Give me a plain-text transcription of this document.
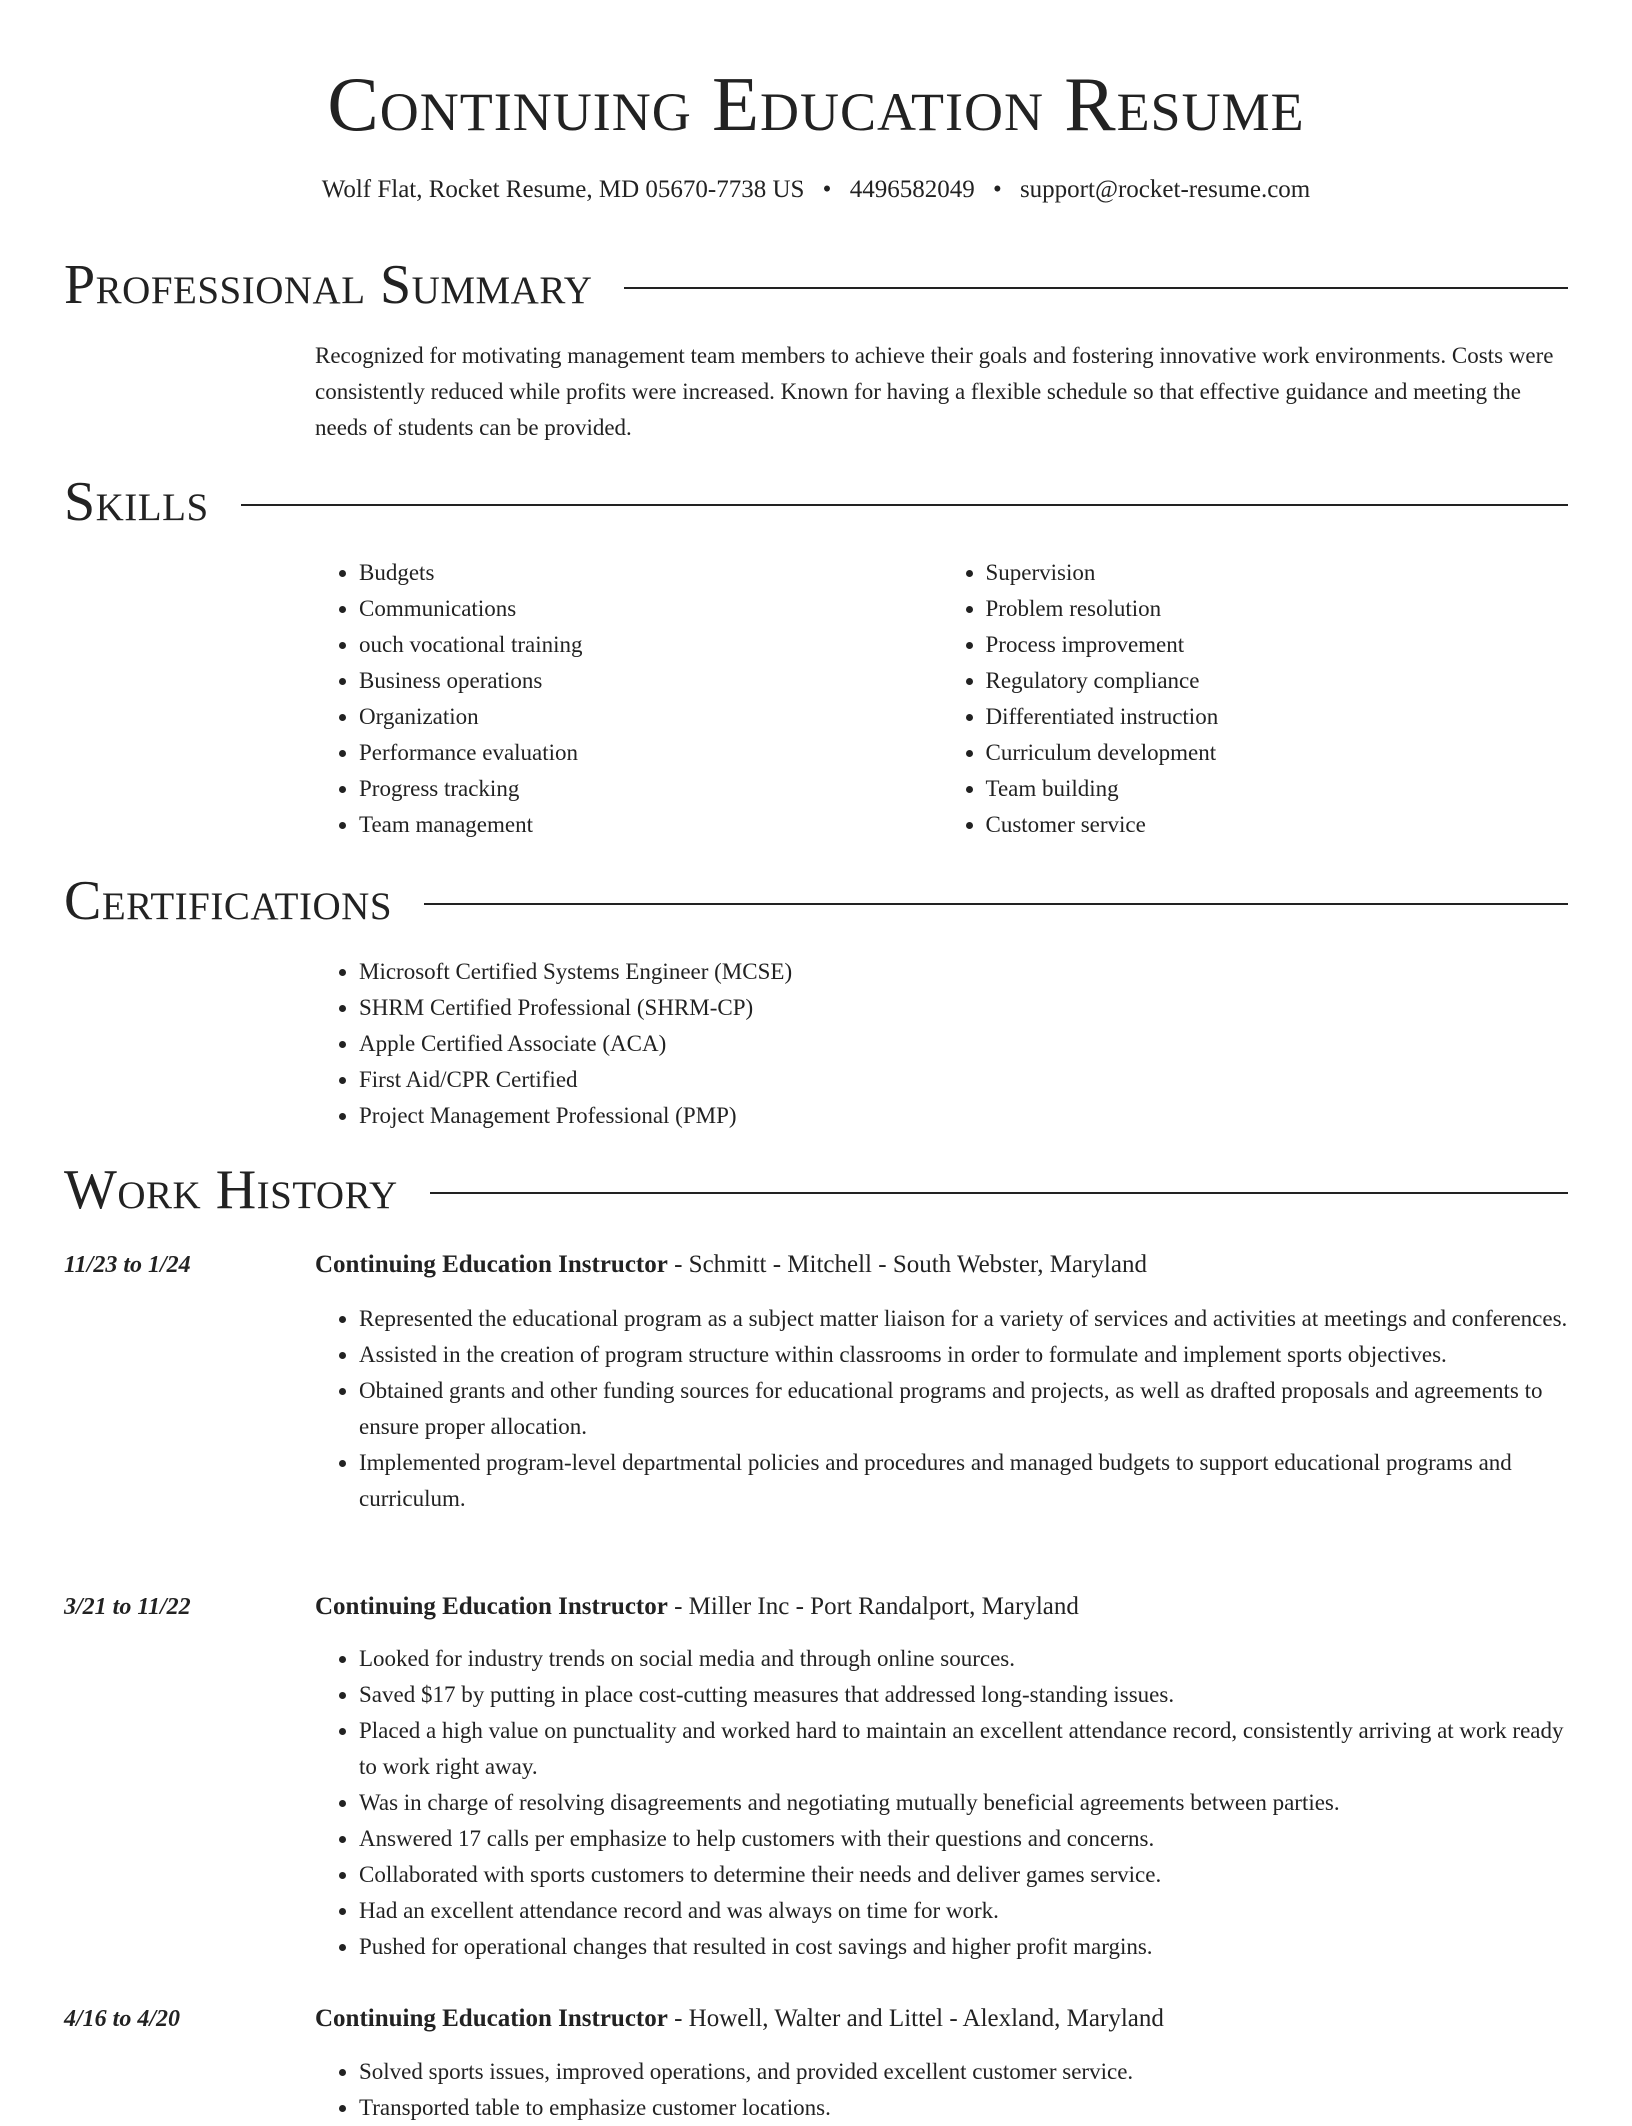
Continuing Education Resume
Wolf Flat, Rocket Resume, MD 05670-7738 US • 4496582049 • support@rocket-resume.com
Professional Summary

Recognized for motivating management team members to achieve their goals and fostering innovative work environments. Costs were consistently reduced while profits were increased. Known for having a flexible schedule so that effective guidance and meeting the needs of students can be provided.

Skills
• Budgets
• Communications
• ouch vocational training
• Business operations
• Organization
• Performance evaluation
• Progress tracking
• Team management
• Supervision
• Problem resolution
• Process improvement
• Regulatory compliance
• Differentiated instruction
• Curriculum development
• Team building
• Customer service
Certifications
• Microsoft Certified Systems Engineer (MCSE)
• SHRM Certified Professional (SHRM-CP)
• Apple Certified Associate (ACA)
• First Aid/CPR Certified
• Project Management Professional (PMP)
Work History
11/23 to 1/24	Continuing Education Instructor - Schmitt - Mitchell - South Webster, Maryland
• Represented the educational program as a subject matter liaison for a variety of services and activities at meetings and conferences.
• Assisted in the creation of program structure within classrooms in order to formulate and implement sports objectives.
• Obtained grants and other funding sources for educational programs and projects, as well as drafted proposals and agreements to ensure proper allocation.
• Implemented program-level departmental policies and procedures and managed budgets to support educational programs and curriculum.
3/21 to 11/22	Continuing Education Instructor - Miller Inc - Port Randalport, Maryland
• Looked for industry trends on social media and through online sources.
• Saved $17 by putting in place cost-cutting measures that addressed long-standing issues.
• Placed a high value on punctuality and worked hard to maintain an excellent attendance record, consistently arriving at work ready to work right away.
• Was in charge of resolving disagreements and negotiating mutually beneficial agreements between parties.
• Answered 17 calls per emphasize to help customers with their questions and concerns.
• Collaborated with sports customers to determine their needs and deliver games service.
• Had an excellent attendance record and was always on time for work.
• Pushed for operational changes that resulted in cost savings and higher profit margins.
4/16 to 4/20	Continuing Education Instructor - Howell, Walter and Littel - Alexland, Maryland
• Solved sports issues, improved operations, and provided excellent customer service.
• Transported table to emphasize customer locations.
